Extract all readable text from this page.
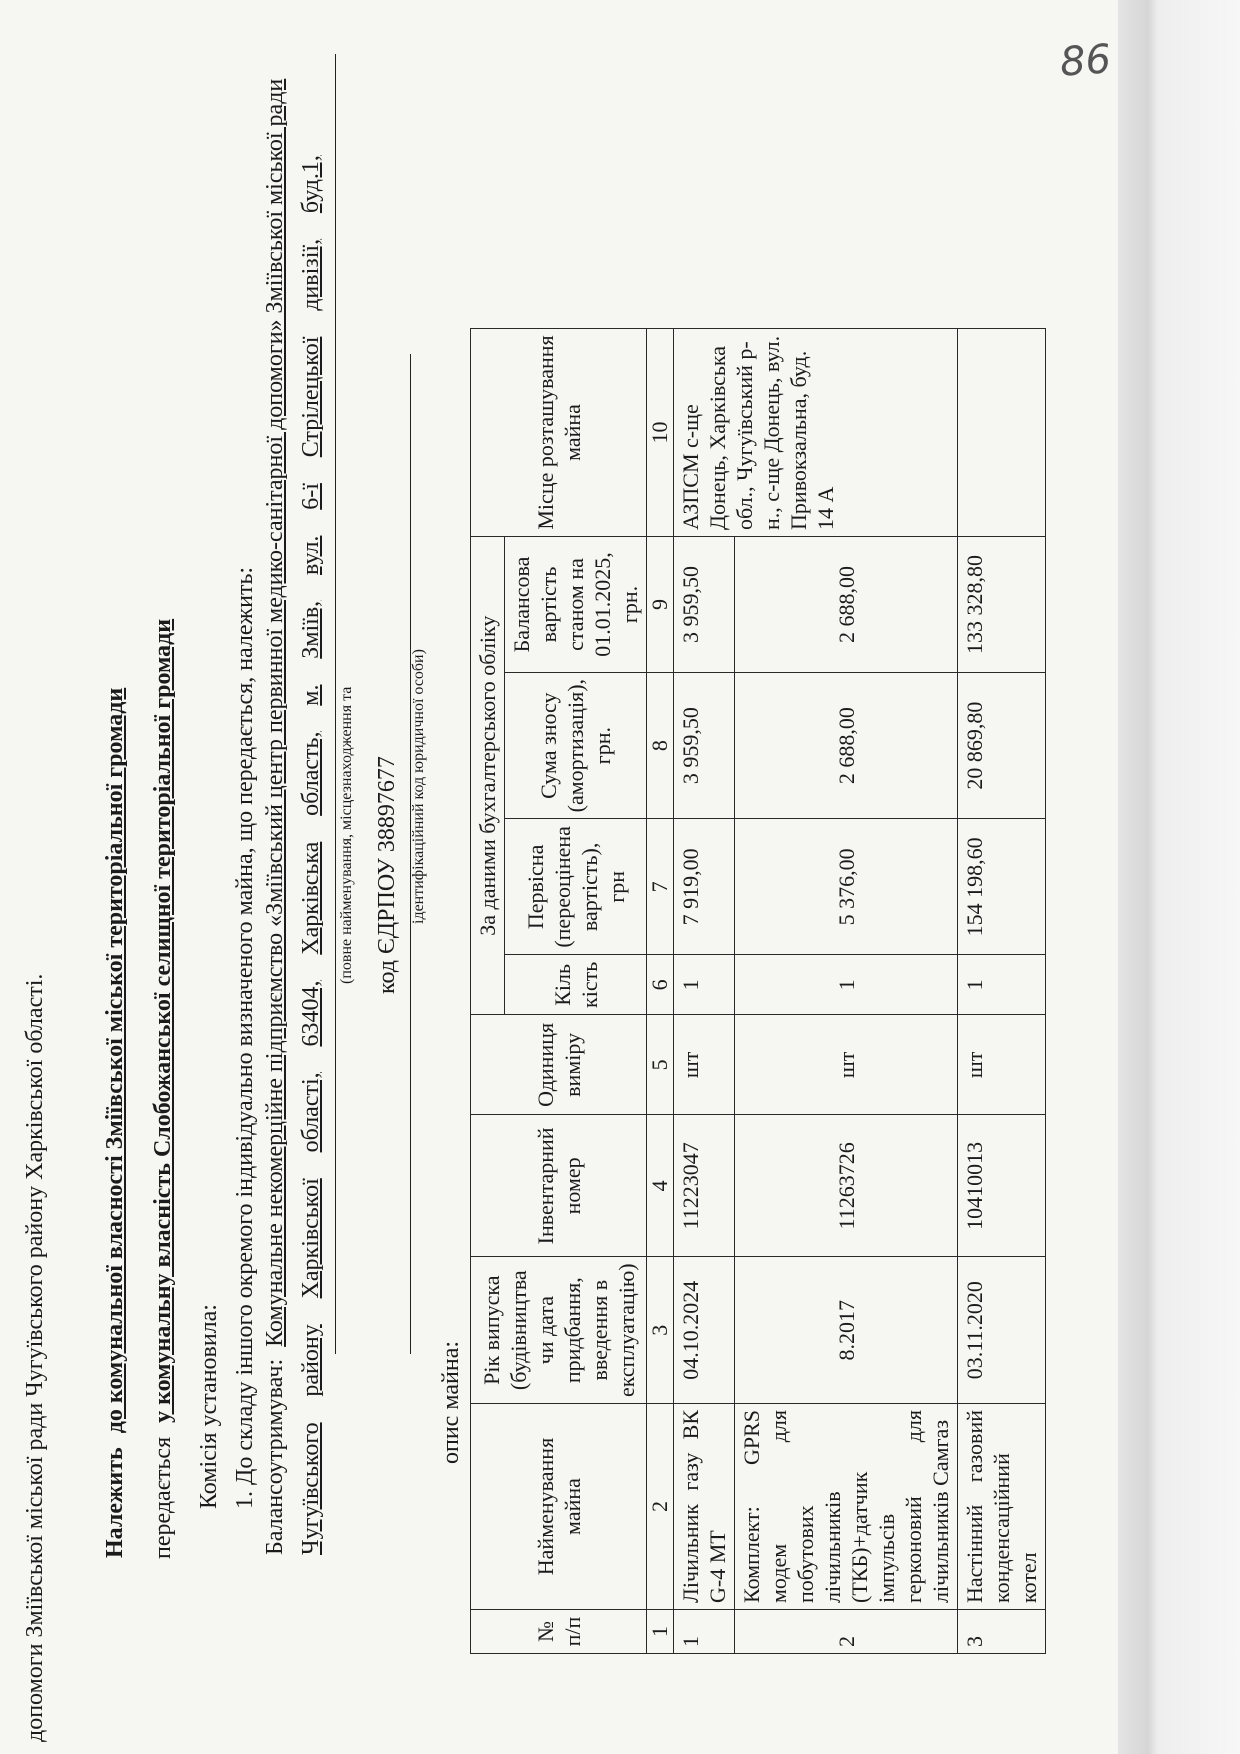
86
допомоги Зміївської міської ради Чугуївського району Харківської області. Належить до комунальної власності Зміївської міської територіальної громади
передається у комунальну власність Слобожанської селищної територіальної громади Комісія установила: 1. До складу іншого окремого індивідуально визначеного майна, що передається, належить: Балансоутримувач: Комунальне некомерційне підприємство «Зміївський центр первинної медико-санітарної допомоги» Зміївської міської ради
Чугуївського
району
Харківської
області,
63404,
Харківська
область,
м.
Зміїв,
вул.
6-ї
Стрілецької
дивізії,
буд.1,
(повне найменування, місцезнаходження та код ЄДРПОУ 38897677 ідентифікаційний код юридичної особи)
опис майна:
№ п/п	Найменування майна	Рік випуска (будівництва чи дата придбання, введення в експлуатацію)	Інвентарний номер	Одиниця виміру	За даними бухгалтерського обліку				Місце розташування майна
					Кіль кість	Первісна (переоцінена вартість), грн	Сума зносу (амортизація), грн.	Балансова вартість станом на 01.01.2025, грн.	
1	2	3	4	5	6	7	8	9	10
1	Лічильник газу ВК G-4 МТ	04.10.2024	11223047	шт	1	7 919,00	3 959,50	3 959,50	АЗПСМ с-ще Донець, Харківська обл., Чугуївський р-н., с-ще Донець, вул. Привокзальна, буд. 14 А
2	Комплект: GPRS модем для побутових лічильників (ТКБ)+датчик імпульсів герконовий для лічильників Самгаз	8.2017	11263726	шт	1	5 376,00	2 688,00	2 688,00	
3	Настінний газовий конденсаційний котел	03.11.2020	10410013	шт	1	154 198,60	20 869,80	133 328,80	
